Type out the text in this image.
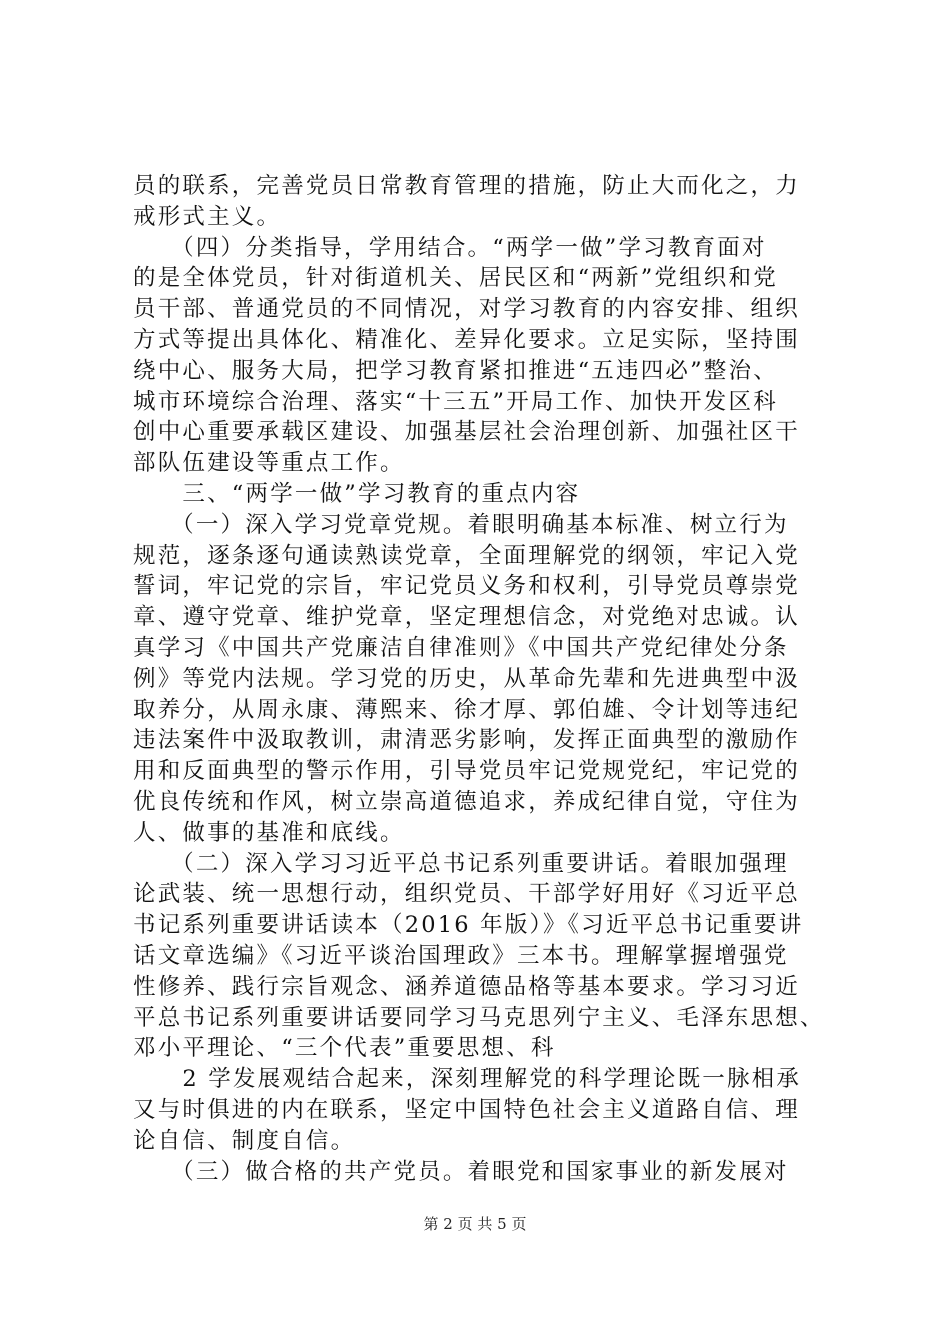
员的联系，完善党员日常教育管理的措施，防止大而化之，力
戒形式主义。
　　（四）分类指导，学用结合。“两学一做”学习教育面对
的是全体党员，针对街道机关、居民区和“两新”党组织和党
员干部、普通党员的不同情况，对学习教育的内容安排、组织
方式等提出具体化、精准化、差异化要求。立足实际，坚持围
绕中心、服务大局，把学习教育紧扣推进“五违四必”整治、
城市环境综合治理、落实“十三五”开局工作、加快开发区科
创中心重要承载区建设、加强基层社会治理创新、加强社区干
部队伍建设等重点工作。
　　三、“两学一做”学习教育的重点内容
　　（一）深入学习党章党规。着眼明确基本标准、树立行为
规范，逐条逐句通读熟读党章，全面理解党的纲领，牢记入党
誓词，牢记党的宗旨，牢记党员义务和权利，引导党员尊崇党
章、遵守党章、维护党章，坚定理想信念，对党绝对忠诚。认
真学习《中国共产党廉洁自律准则》《中国共产党纪律处分条
例》等党内法规。学习党的历史，从革命先辈和先进典型中汲
取养分，从周永康、薄熙来、徐才厚、郭伯雄、令计划等违纪
违法案件中汲取教训，肃清恶劣影响，发挥正面典型的激励作
用和反面典型的警示作用，引导党员牢记党规党纪，牢记党的
优良传统和作风，树立崇高道德追求，养成纪律自觉，守住为
人、做事的基准和底线。
　　（二）深入学习习近平总书记系列重要讲话。着眼加强理
论武装、统一思想行动，组织党员、干部学好用好《习近平总
书记系列重要讲话读本（2016 年版）》《习近平总书记重要讲
话文章选编》《习近平谈治国理政》三本书。理解掌握增强党
性修养、践行宗旨观念、涵养道德品格等基本要求。学习习近
平总书记系列重要讲话要同学习马克思列宁主义、毛泽东思想、
邓小平理论、“三个代表”重要思想、科
　　2 学发展观结合起来，深刻理解党的科学理论既一脉相承
又与时俱进的内在联系，坚定中国特色社会主义道路自信、理
论自信、制度自信。
　　（三）做合格的共产党员。着眼党和国家事业的新发展对
第 2 页 共 5 页
